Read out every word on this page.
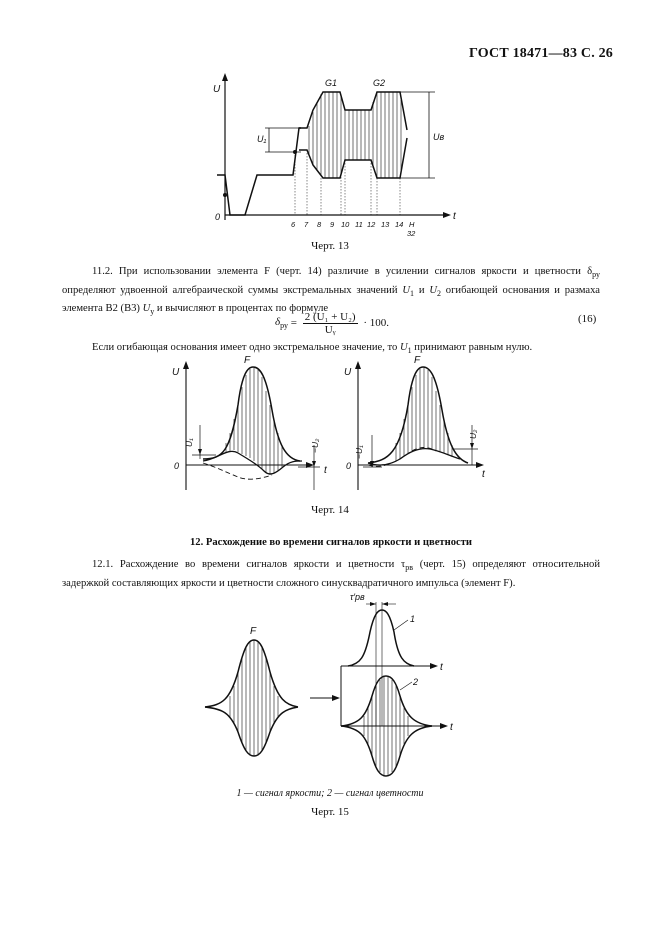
ГОСТ 18471—83 С. 26
U
t
0
U₁	Uв
G1	G2
6 7 8 9 10 11 12 13 14 H
32
Черт. 13
11.2. При использовании элемента F (черт. 14) различие в усилении сигналов яркости и цветности $\delta_{ру}$ определяют удвоенной алгебраической суммы экстремальных значений $U_1$ и $U_2$ огибающей основания и размаха элемента B2 (B3) $U_y$ и вычисляют в процентах по формуле
$\delta_{ру} = \frac{\text{2 (U₁ + U₂)}}{\text{Uᵧ}} \cdot 100$.	(16)
Если огибающая основания имеет одно экстремальное значение, то $U_1$ принимают равным нулю.
U
0	t
F
U₁	−U₂
U
0
t
F
−U₁
U₂
Черт. 14
12. Расхождение во времени сигналов яркости и цветности
12.1. Расхождение во времени сигналов яркости и цветности $\tau_{рв}$ (черт. 15) определяют относительной задержкой составляющих яркости и цветности сложного синусквадратичного импульса (элемент F).
F
τ′рв
1
t
2
t
1 — сигнал яркости; 2 — сигнал цветности
Черт. 15
